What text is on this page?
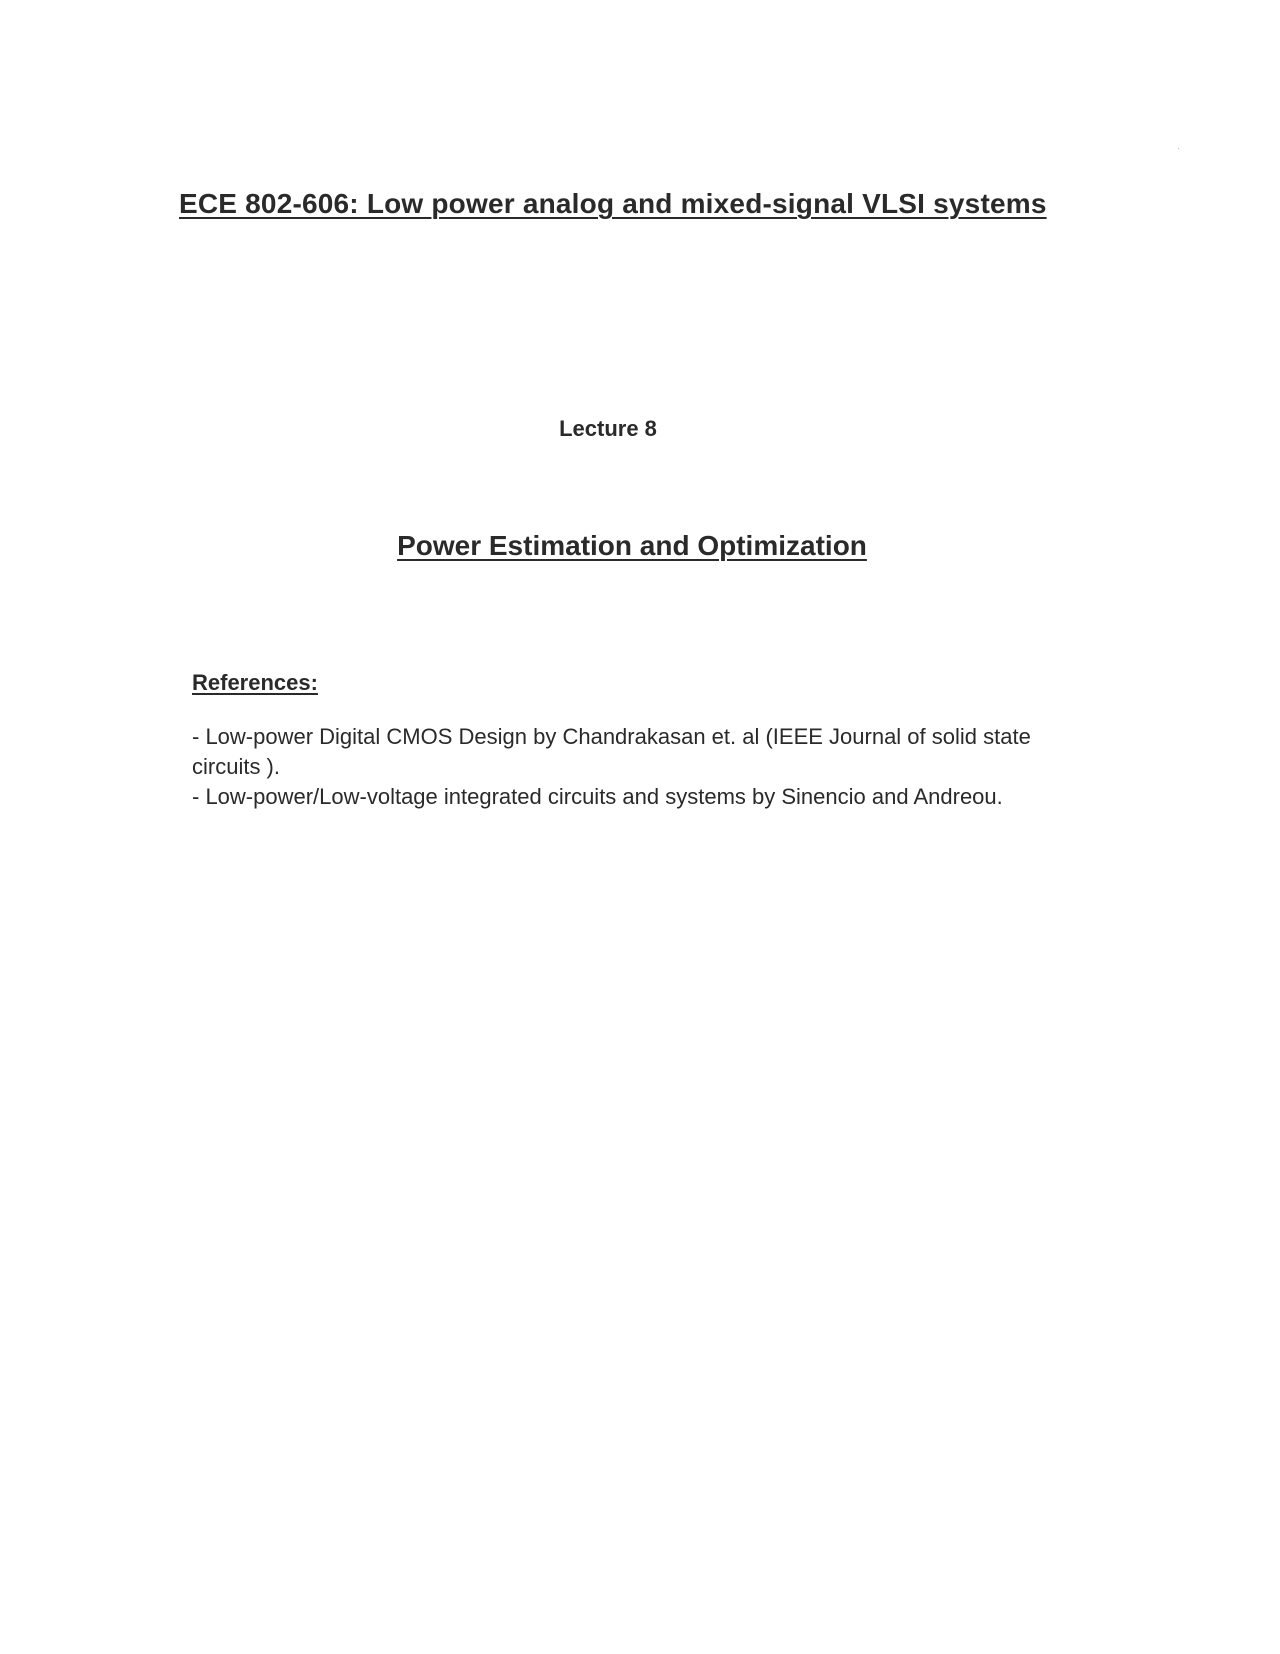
ECE 802-606: Low power analog and mixed-signal VLSI systems
Lecture 8
Power Estimation and Optimization
References:
- Low-power Digital CMOS Design by Chandrakasan et. al (IEEE Journal of solid state circuits ).
- Low-power/Low-voltage integrated circuits and systems by Sinencio and Andreou.
